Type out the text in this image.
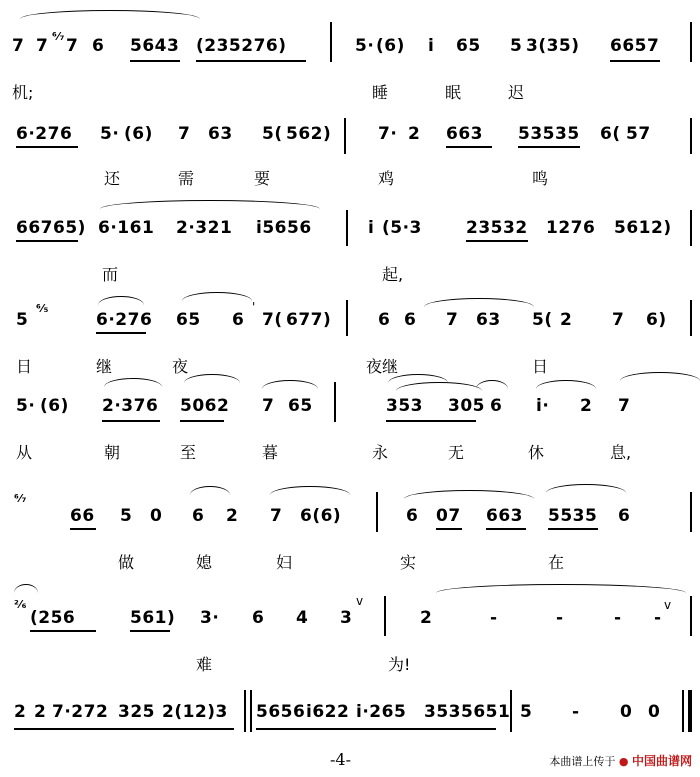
7 7 ⁶⁄₇ 7 6 5643 (235276)	5· (6) i 65 5 3(35) 6657
机;	睡	眠	迟
6·276 5· (6) 7 63 5( 562)	7· 2 663 53535 6( 57
还	需	要	鸡	鸣
66765) 6·161 2·321 i5656	i (5·3	23532 1276 5612)
而	起,
5
⁶⁄₅
6·276 65 6 7( 677)	6 6 7 63 5( 2 7 6)
'
日	继	夜	夜继	日
5· (6) 2·376 5062 7 65	353 305 6 i· 2 7
从	朝	至	暮	永	无	休	息,
⁶⁄₇
66 5 0 6 2 7 6(6)	6 07 663 5535 6
做	媳	妇	实	在
²⁄₆
(256	561) 3· 6 4 3	2	-	-	- -
v	v
难	为!
2 2 7·272 325 2(12)3 5656 i622 i·265 3535651 5 - 0 0
-4-	本曲谱上传于 ● 中国曲谱网
